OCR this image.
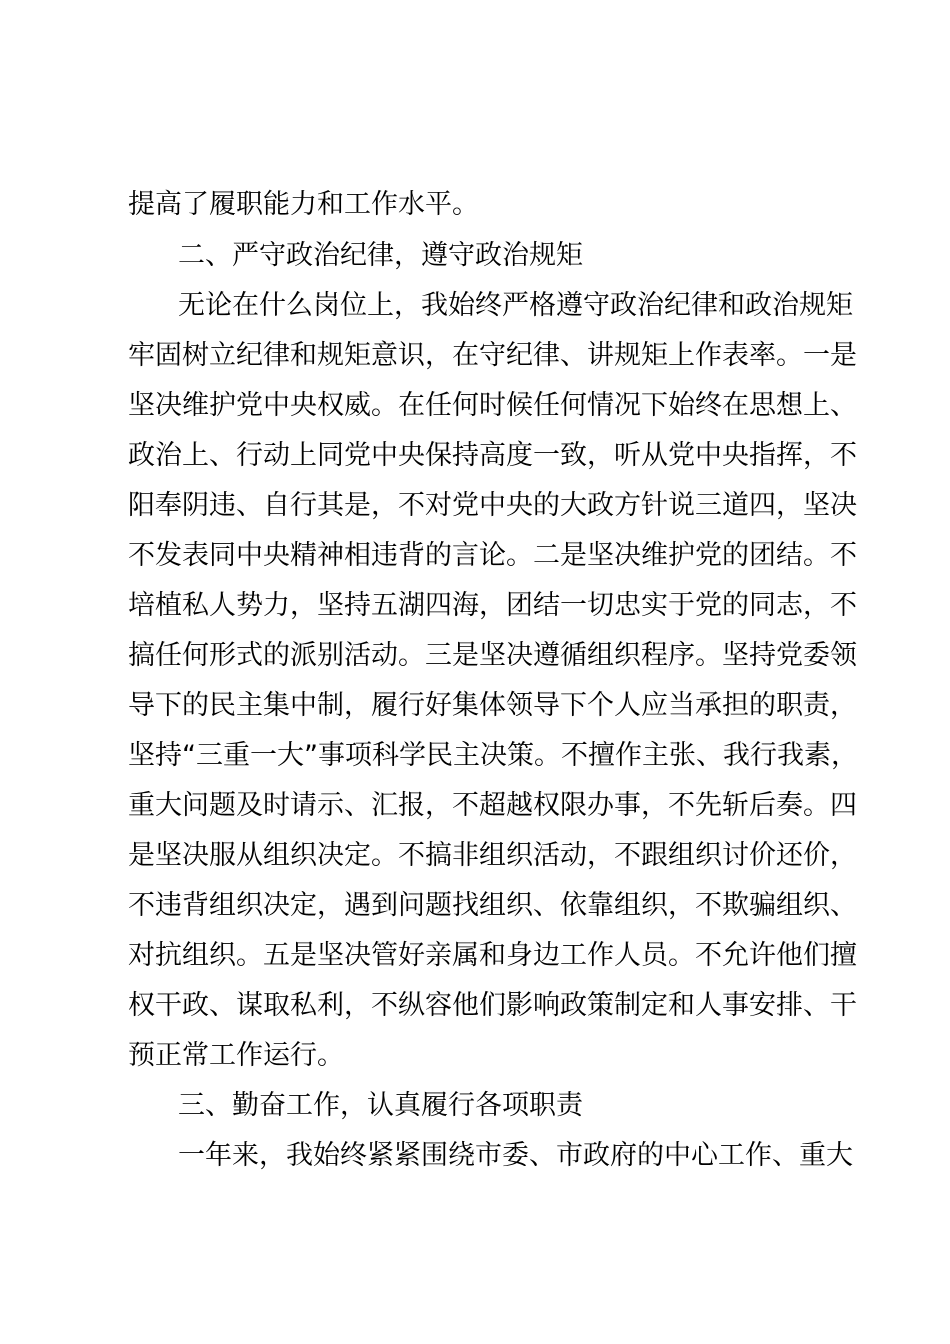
提高了履职能力和工作水平。
二、严守政治纪律，遵守政治规矩
无论在什么岗位上，我始终严格遵守政治纪律和政治规矩
牢固树立纪律和规矩意识，在守纪律、讲规矩上作表率。一是
坚决维护党中央权威。在任何时候任何情况下始终在思想上、
政治上、行动上同党中央保持高度一致，听从党中央指挥，不
阳奉阴违、自行其是，不对党中央的大政方针说三道四，坚决
不发表同中央精神相违背的言论。二是坚决维护党的团结。不
培植私人势力，坚持五湖四海，团结一切忠实于党的同志，不
搞任何形式的派别活动。三是坚决遵循组织程序。坚持党委领
导下的民主集中制，履行好集体领导下个人应当承担的职责，
坚持“三重一大”事项科学民主决策。不擅作主张、我行我素，
重大问题及时请示、汇报，不超越权限办事，不先斩后奏。四
是坚决服从组织决定。不搞非组织活动，不跟组织讨价还价，
不违背组织决定，遇到问题找组织、依靠组织，不欺骗组织、
对抗组织。五是坚决管好亲属和身边工作人员。不允许他们擅
权干政、谋取私利，不纵容他们影响政策制定和人事安排、干
预正常工作运行。
三、勤奋工作，认真履行各项职责
一年来，我始终紧紧围绕市委、市政府的中心工作、重大
